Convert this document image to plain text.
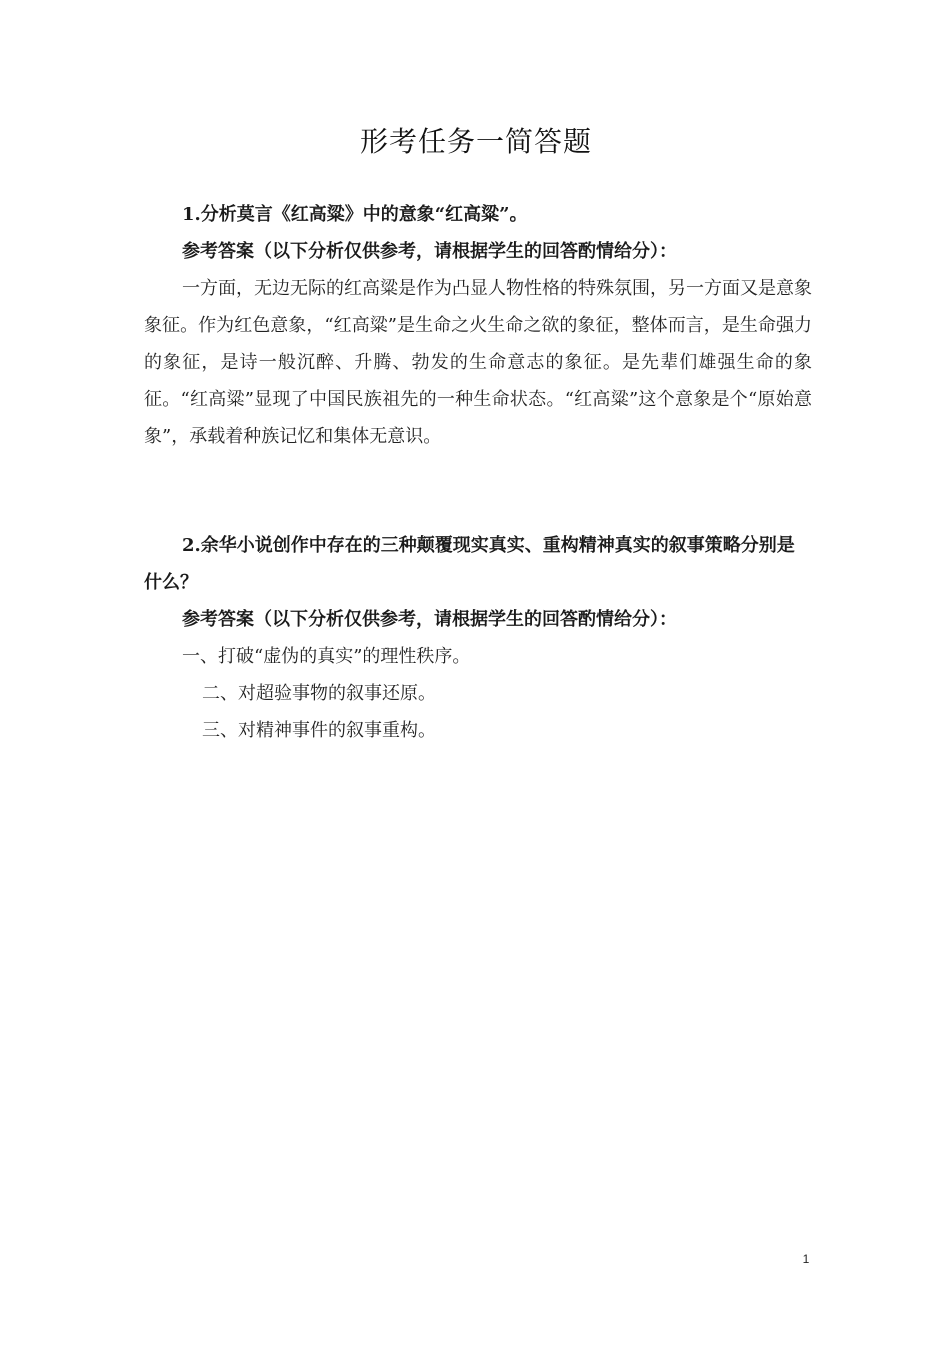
形考任务一简答题

1.分析莫言《红高粱》中的意象“红高粱”。

参考答案（以下分析仅供参考，请根据学生的回答酌情给分）：

一方面，无边无际的红高粱是作为凸显人物性格的特殊氛围，另一方面又是意象象征。作为红色意象，“红高粱”是生命之火生命之欲的象征，整体而言，是生命强力的象征，是诗一般沉醉、升腾、勃发的生命意志的象征。是先辈们雄强生命的象征。“红高粱”显现了中国民族祖先的一种生命状态。“红高粱”这个意象是个“原始意象”，承载着种族记忆和集体无意识。

2.余华小说创作中存在的三种颠覆现实真实、重构精神真实的叙事策略分别是什么？

参考答案（以下分析仅供参考，请根据学生的回答酌情给分）：

一、打破“虚伪的真实”的理性秩序。

二、对超验事物的叙事还原。

三、对精神事件的叙事重构。

1
